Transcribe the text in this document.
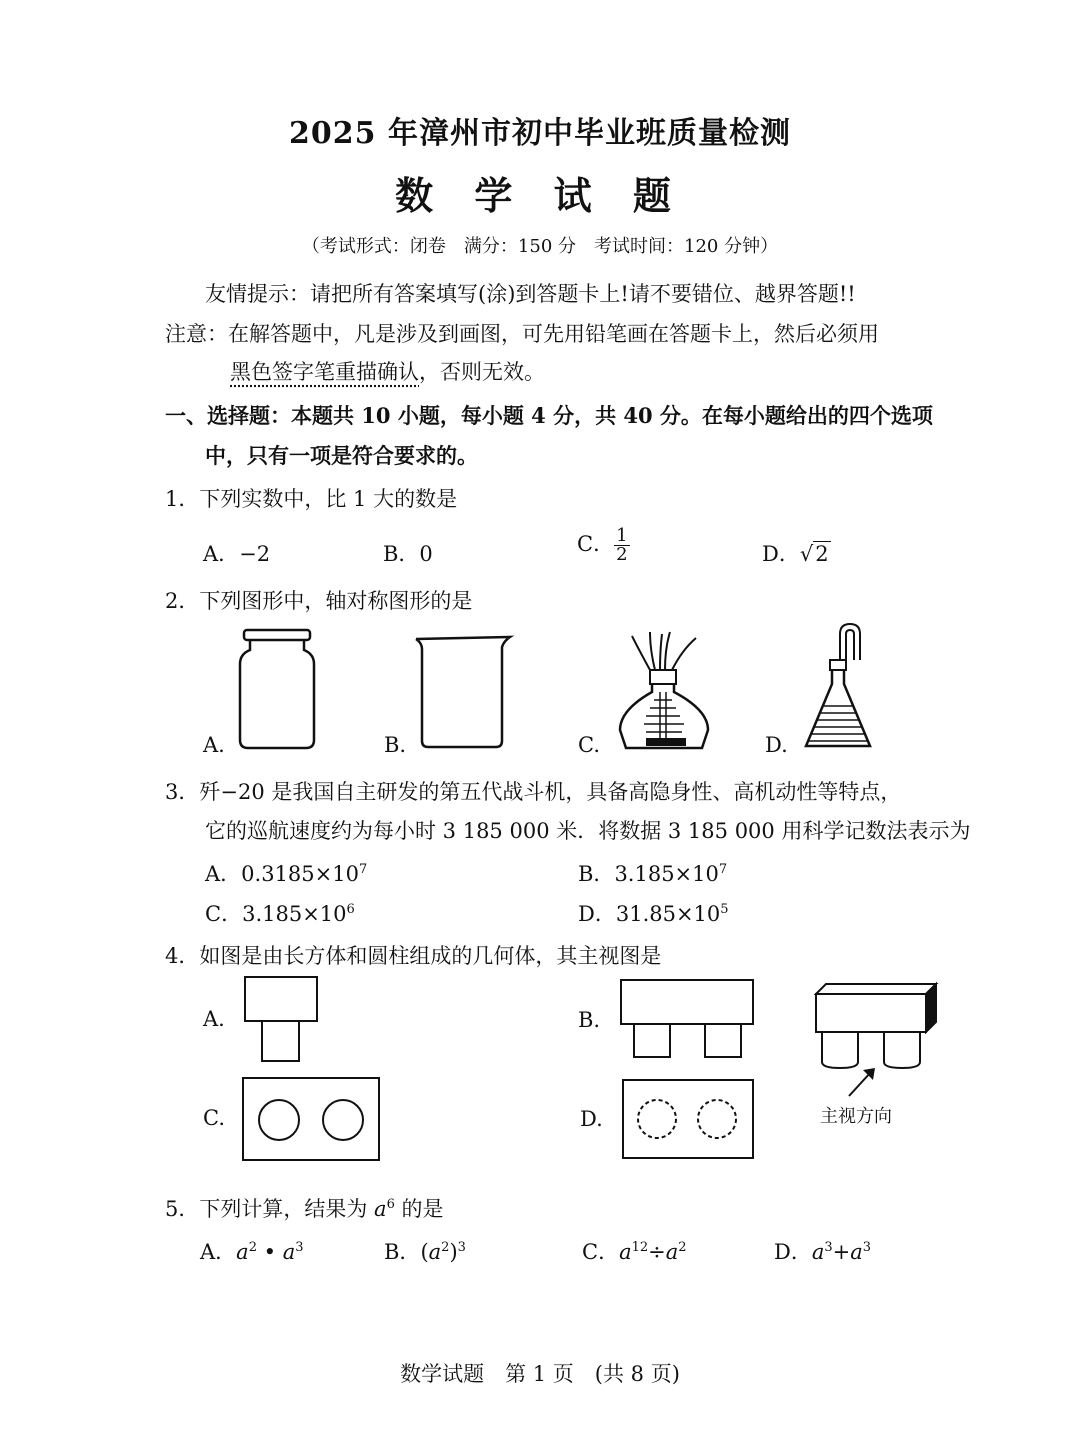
2025 年漳州市初中毕业班质量检测
数 学 试 题
（考试形式：闭卷　满分：150 分　考试时间：120 分钟）
友情提示：请把所有答案填写(涂)到答题卡上!请不要错位、越界答题!!
注意：在解答题中，凡是涉及到画图，可先用铅笔画在答题卡上，然后必须用
黑色签字笔重描确认，否则无效。
一、选择题：本题共 10 小题，每小题 4 分，共 40 分。在每小题给出的四个选项
中，只有一项是符合要求的。
1．下列实数中，比 1 大的数是
A．−2	B．0	C． $\frac{1}{2}$	D．√2
2．下列图形中，轴对称图形的是
A.	B.	C.	D.
3．歼−20 是我国自主研发的第五代战斗机，具备高隐身性、高机动性等特点，
它的巡航速度约为每小时 3 185 000 米．将数据 3 185 000 用科学记数法表示为
A．$0.3185\times 10^7$	B．$3.185\times 10^7$
C．$3.185\times 10^6$	D．$31.85\times 10^5$
4．如图是由长方体和圆柱组成的几何体，其主视图是
A.	B.
C.	D.	主视方向
5．下列计算，结果为 $a^6$ 的是
A．$a^2$ • $a^3$	B．$(a^2)^3$	C．$a^{12}\div a^2$	D．$a^3+a^3$
数学试题　第 1 页　(共 8 页)
